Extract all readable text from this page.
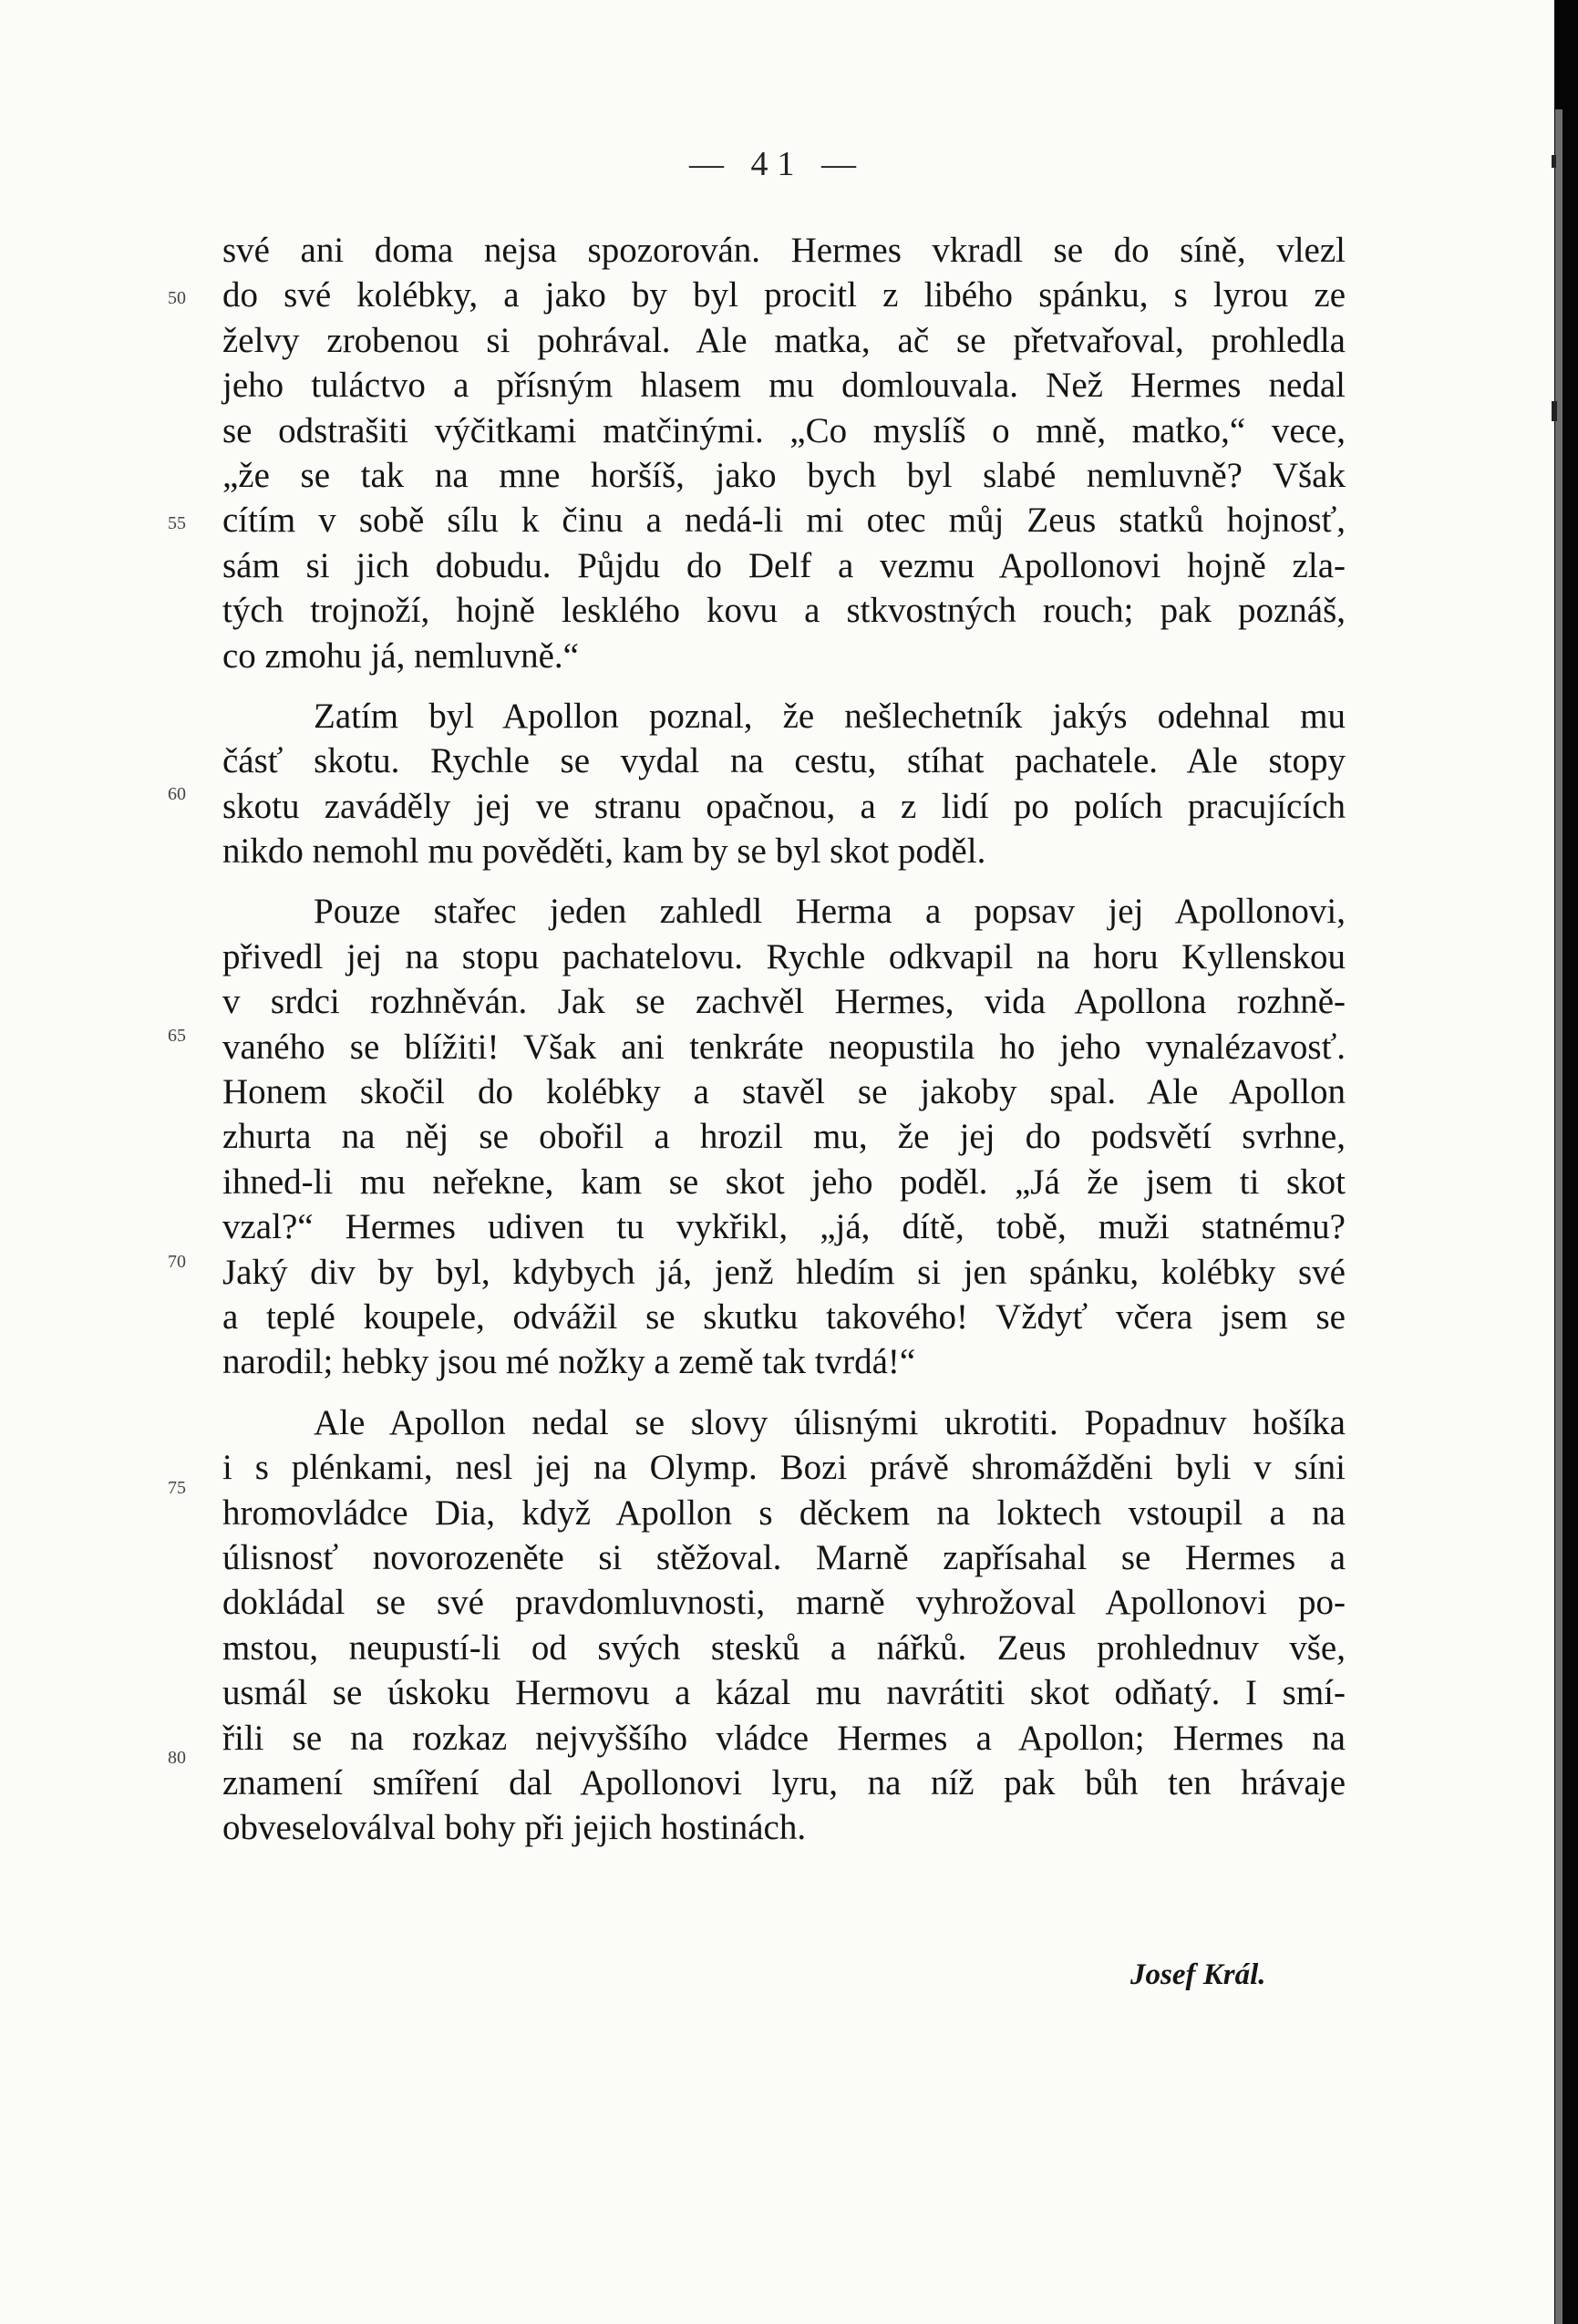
— 41 —
své ani doma nejsa spozorován. Hermes vkradl se do síně, vlezl
do své kolébky, a jako by byl procitl z libého spánku, s lyrou ze
želvy zrobenou si pohrával. Ale matka, ač se přetvařoval, prohledla
jeho tuláctvo a přísným hlasem mu domlouvala. Než Hermes nedal
se odstrašiti výčitkami matčinými. „Co myslíš o mně, matko,“ vece,
„že se tak na mne horšíš, jako bych byl slabé nemluvně? Však
cítím v sobě sílu k činu a nedá-li mi otec můj Zeus statků hojnosť,
sám si jich dobudu. Půjdu do Delf a vezmu Apollonovi hojně zla-
tých trojnoží, hojně lesklého kovu a stkvostných rouch; pak poznáš,
co zmohu já, nemluvně.“
Zatím byl Apollon poznal, že nešlechetník jakýs odehnal mu
čásť skotu. Rychle se vydal na cestu, stíhat pachatele. Ale stopy
skotu zaváděly jej ve stranu opačnou, a z lidí po polích pracujících
nikdo nemohl mu pověděti, kam by se byl skot poděl.
Pouze stařec jeden zahledl Herma a popsav jej Apollonovi,
přivedl jej na stopu pachatelovu. Rychle odkvapil na horu Kyllenskou
v srdci rozhněván. Jak se zachvěl Hermes, vida Apollona rozhně-
vaného se blížiti! Však ani tenkráte neopustila ho jeho vynalézavosť.
Honem skočil do kolébky a stavěl se jakoby spal. Ale Apollon
zhurta na něj se obořil a hrozil mu, že jej do podsvětí svrhne,
ihned-li mu neřekne, kam se skot jeho poděl. „Já že jsem ti skot
vzal?“ Hermes udiven tu vykřikl, „já, dítě, tobě, muži statnému?
Jaký div by byl, kdybych já, jenž hledím si jen spánku, kolébky své
a teplé koupele, odvážil se skutku takového! Vždyť včera jsem se
narodil; hebky jsou mé nožky a země tak tvrdá!“
Ale Apollon nedal se slovy úlisnými ukrotiti. Popadnuv hošíka
i s plénkami, nesl jej na Olymp. Bozi právě shromážděni byli v síni
hromovládce Dia, když Apollon s děckem na loktech vstoupil a na
úlisnosť novorozeněte si stěžoval. Marně zapřísahal se Hermes a
dokládal se své pravdomluvnosti, marně vyhrožoval Apollonovi po-
mstou, neupustí-li od svých stesků a nářků. Zeus prohlednuv vše,
usmál se úskoku Hermovu a kázal mu navrátiti skot odňatý. I smí-
řili se na rozkaz nejvyššího vládce Hermes a Apollon; Hermes na
znamení smíření dal Apollonovi lyru, na níž pak bůh ten hrávaje
obveseloválval bohy při jejich hostinách.
50
55
60
65
70
75
80
Josef Král.
